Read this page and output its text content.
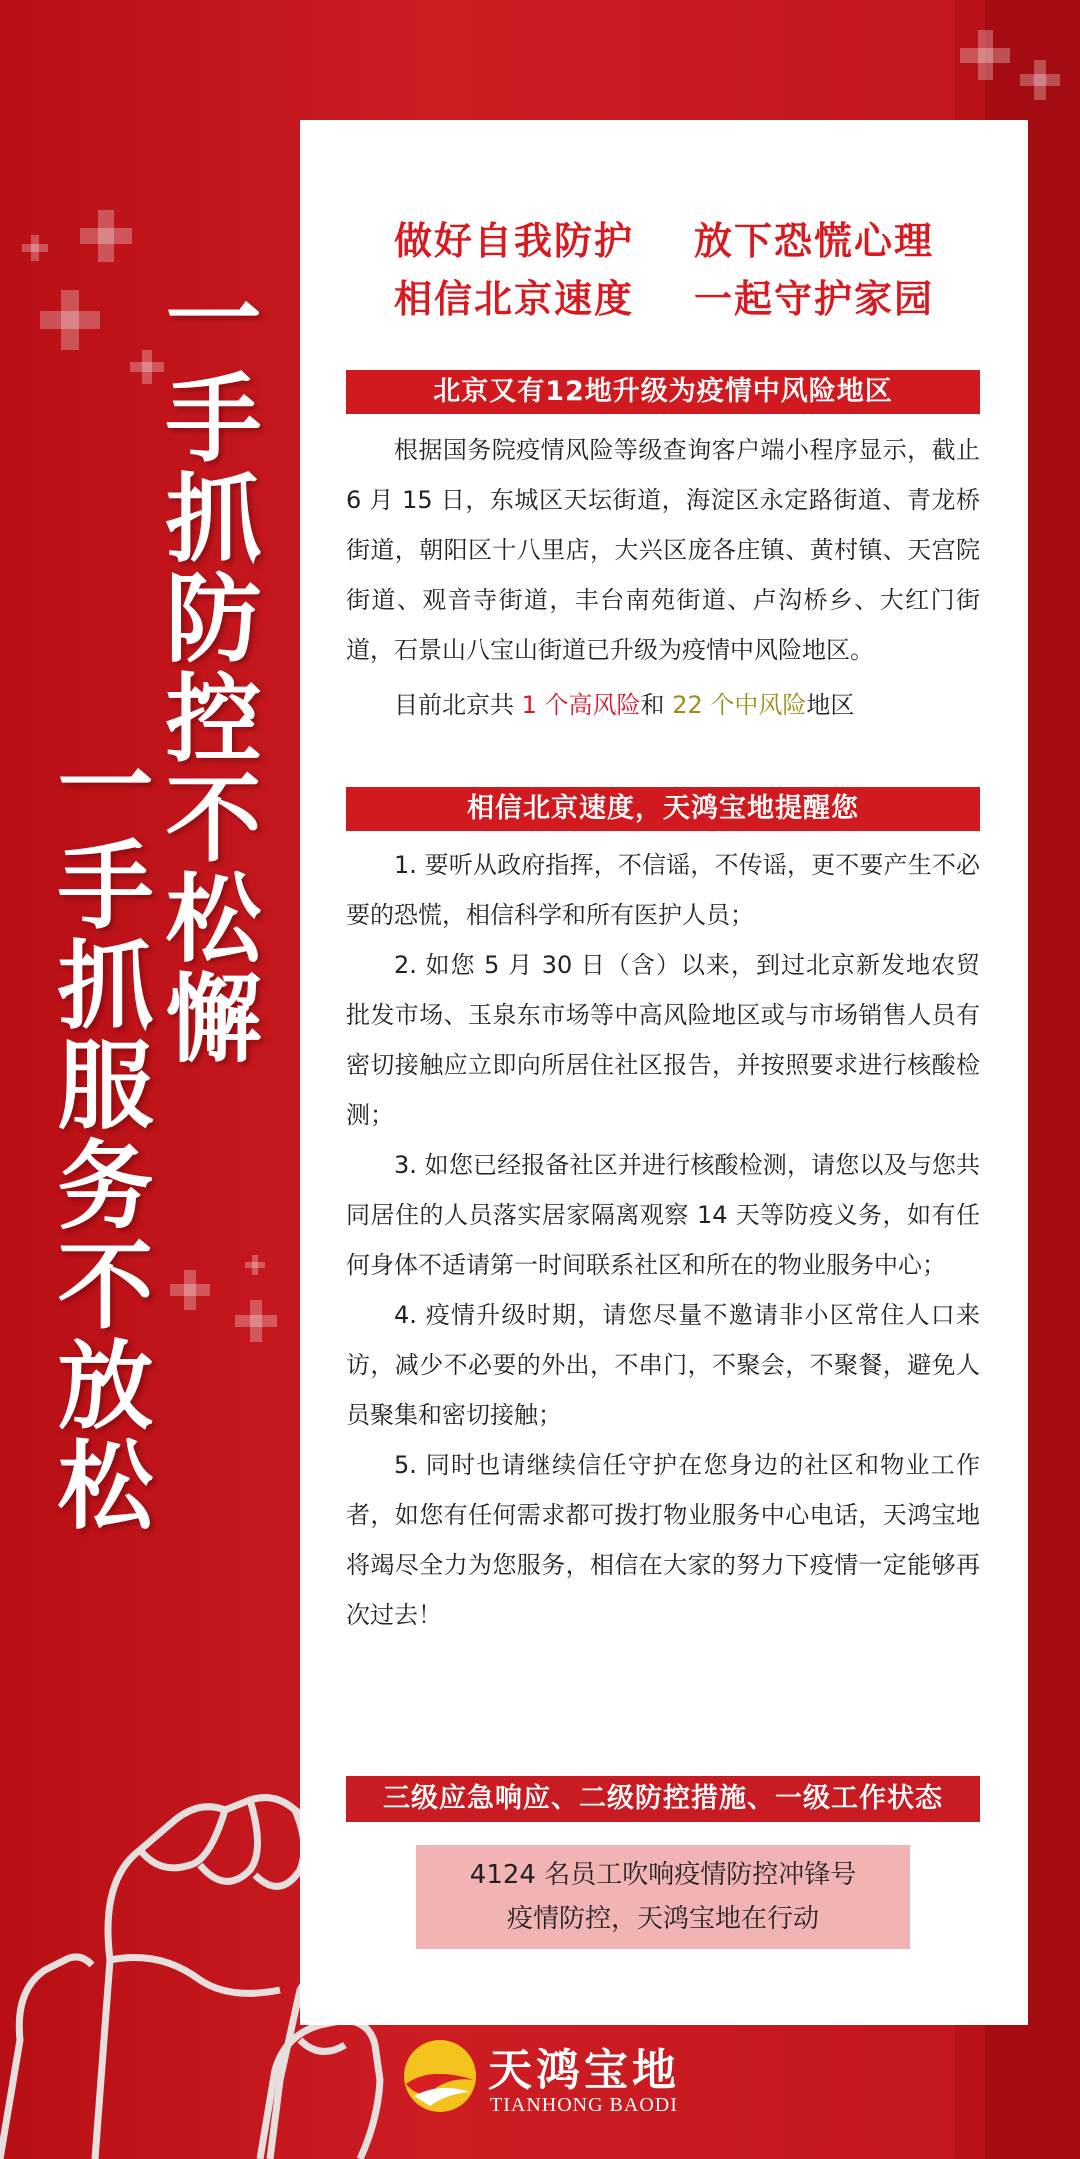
一手抓防控不松懈
一手抓服务不放松
做好自我防护 放下恐慌心理
相信北京速度 一起守护家园
北京又有12地升级为疫情中风险地区
根据国务院疫情风险等级查询客户端小程序显示，截止 6 月 15 日，东城区天坛街道，海淀区永定路街道、青龙桥街道，朝阳区十八里店，大兴区庞各庄镇、黄村镇、天宫院街道、观音寺街道，丰台南苑街道、卢沟桥乡、大红门街道，石景山八宝山街道已升级为疫情中风险地区。
目前北京共 1 个高风险和 22 个中风险地区
相信北京速度，天鸿宝地提醒您

1. 要听从政府指挥，不信谣，不传谣，更不要产生不必要的恐慌，相信科学和所有医护人员；

2. 如您 5 月 30 日（含）以来，到过北京新发地农贸批发市场、玉泉东市场等中高风险地区或与市场销售人员有密切接触应立即向所居住社区报告，并按照要求进行核酸检测；

3. 如您已经报备社区并进行核酸检测，请您以及与您共同居住的人员落实居家隔离观察 14 天等防疫义务，如有任何身体不适请第一时间联系社区和所在的物业服务中心；

4. 疫情升级时期，请您尽量不邀请非小区常住人口来访，减少不必要的外出，不串门，不聚会，不聚餐，避免人员聚集和密切接触；

5. 同时也请继续信任守护在您身边的社区和物业工作者，如您有任何需求都可拨打物业服务中心电话，天鸿宝地将竭尽全力为您服务，相信在大家的努力下疫情一定能够再次过去！

三级应急响应、二级防控措施、一级工作状态
4124 名员工吹响疫情防控冲锋号
疫情防控，天鸿宝地在行动
天鸿宝地
TIANHONG BAODI
